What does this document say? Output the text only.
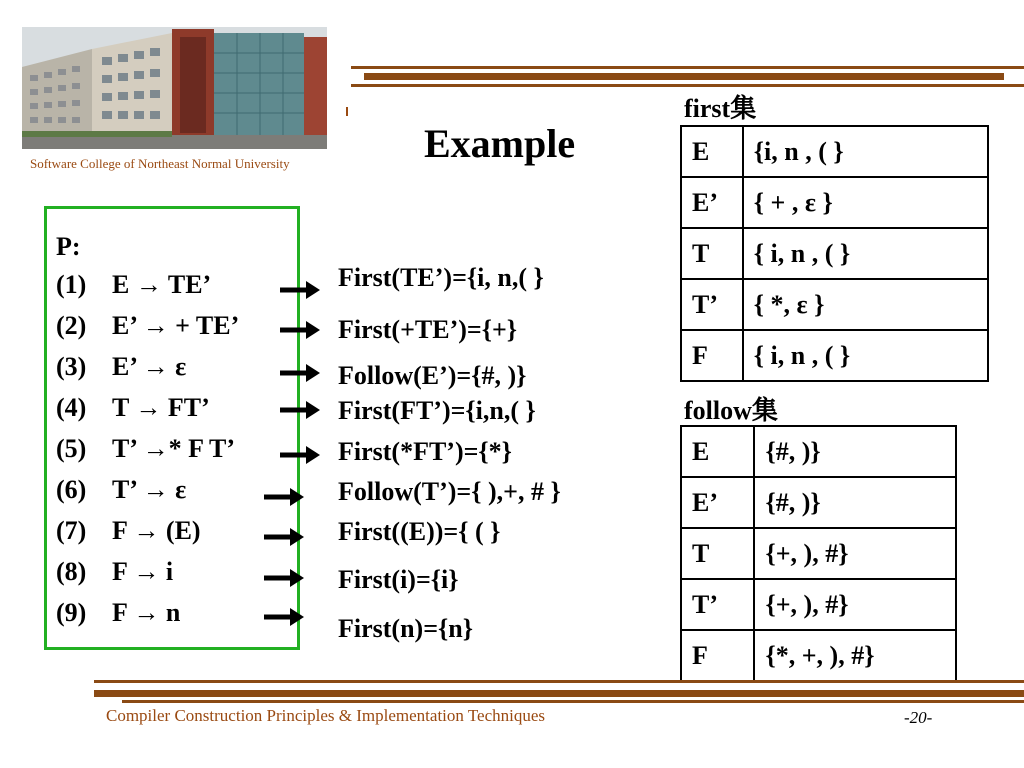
Software College of Northeast Normal University	Example
P:
(1) E → TE’
(2) E’ → + TE’
(3) E’ → ε
(4) T → FT’
(5) T’ →* F T’
(6) T’ → ε
(7) F → (E)
(8) F → i
(9) F → n
First(TE’)={i, n,( }
First(+TE’)={+}
Follow(E’)={#, )}
First(FT’)={i,n,( }
First(*FT’)={*}
Follow(T’)={ ),+, # }
First((E))={ ( }
First(i)={i}
First(n)={n}
first集
E	{i, n , ( }
E’	{ + , ε }
T	{ i, n , ( }
T’	{ *, ε }
F	{ i, n , ( }
follow集
E	{#, )}
E’	{#, )}
T	{+, ), #}
T’	{+, ), #}
F	{*, +, ), #}
Compiler Construction Principles & Implementation Techniques	-20-
